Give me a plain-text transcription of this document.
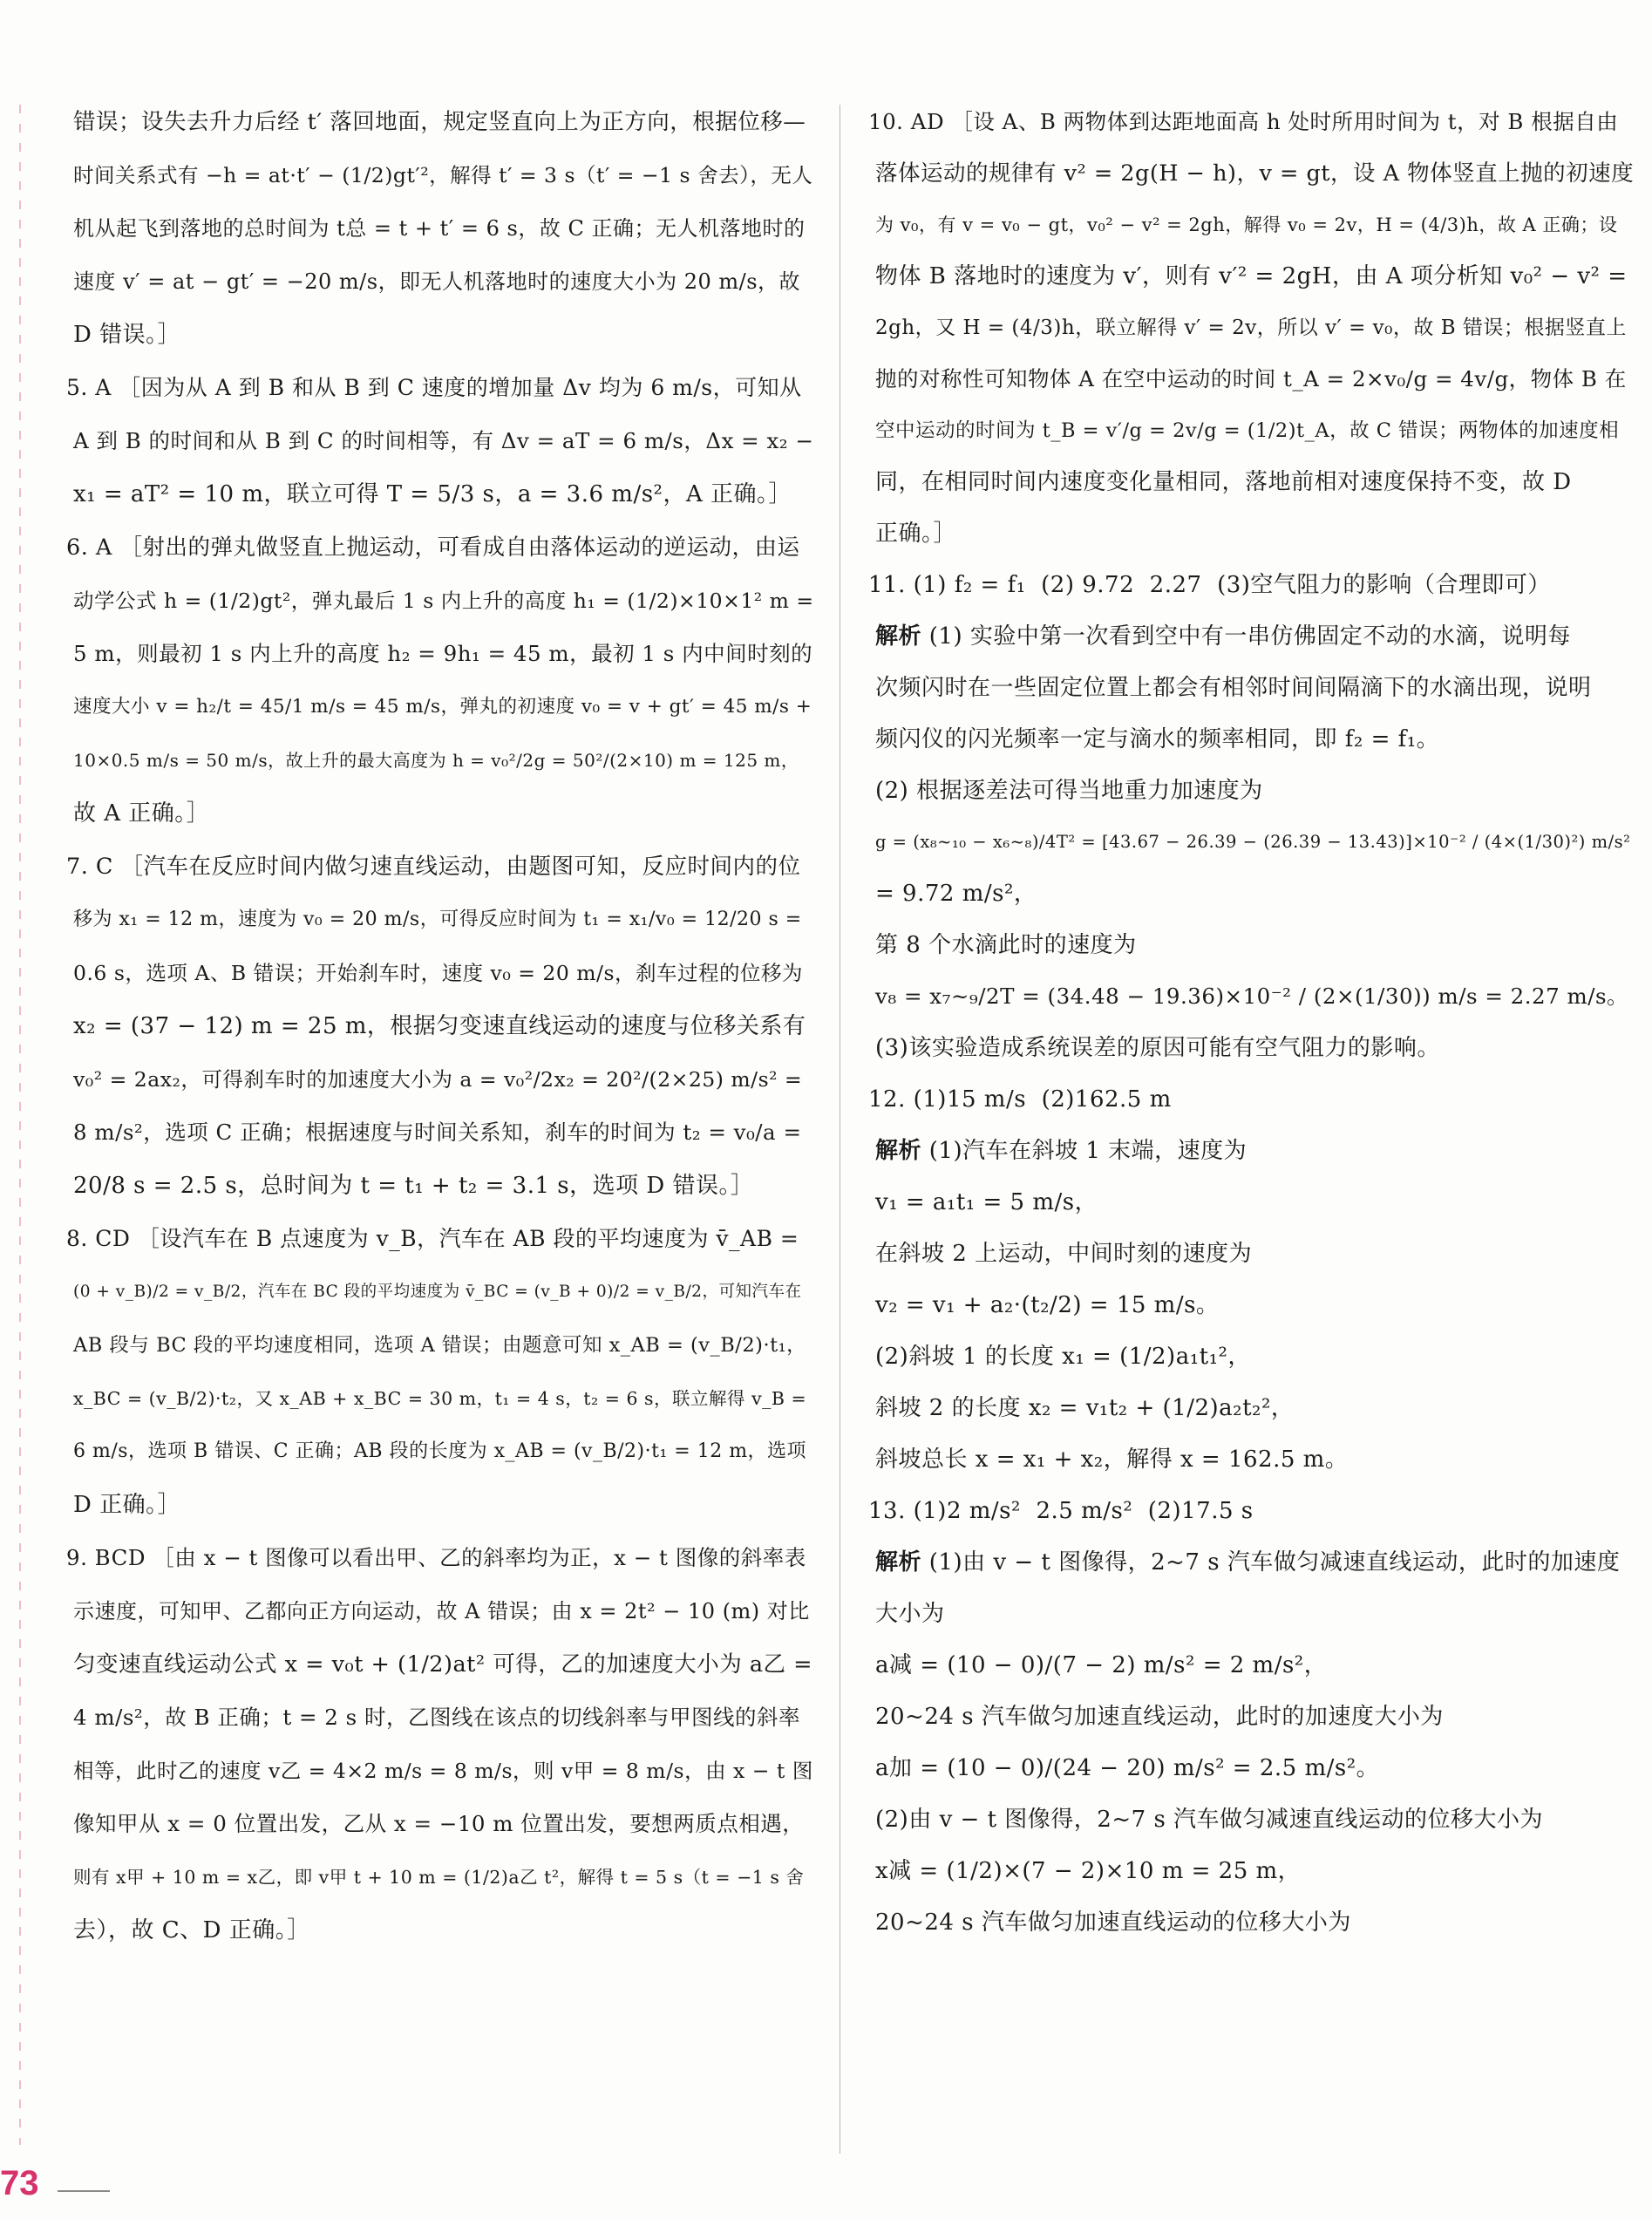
错误；设失去升力后经 t′ 落回地面，规定竖直向上为正方向，根据位移—
时间关系式有 −h = at·t′ − (1/2)gt′²，解得 t′ = 3 s（t′ = −1 s 舍去），无人
机从起飞到落地的总时间为 t总 = t + t′ = 6 s，故 C 正确；无人机落地时的
速度 v′ = at − gt′ = −20 m/s，即无人机落地时的速度大小为 20 m/s，故
D 错误。］
5. A ［因为从 A 到 B 和从 B 到 C 速度的增加量 Δv 均为 6 m/s，可知从
A 到 B 的时间和从 B 到 C 的时间相等，有 Δv = aT = 6 m/s，Δx = x₂ −
x₁ = aT² = 10 m，联立可得 T = 5/3 s，a = 3.6 m/s²，A 正确。］
6. A ［射出的弹丸做竖直上抛运动，可看成自由落体运动的逆运动，由运
动学公式 h = (1/2)gt²，弹丸最后 1 s 内上升的高度 h₁ = (1/2)×10×1² m =
5 m，则最初 1 s 内上升的高度 h₂ = 9h₁ = 45 m，最初 1 s 内中间时刻的
速度大小 v = h₂/t = 45/1 m/s = 45 m/s，弹丸的初速度 v₀ = v + gt′ = 45 m/s +
10×0.5 m/s = 50 m/s，故上升的最大高度为 h = v₀²/2g = 50²/(2×10) m = 125 m，
故 A 正确。］
7. C ［汽车在反应时间内做匀速直线运动，由题图可知，反应时间内的位
移为 x₁ = 12 m，速度为 v₀ = 20 m/s，可得反应时间为 t₁ = x₁/v₀ = 12/20 s =
0.6 s，选项 A、B 错误；开始刹车时，速度 v₀ = 20 m/s，刹车过程的位移为
x₂ = (37 − 12) m = 25 m，根据匀变速直线运动的速度与位移关系有
v₀² = 2ax₂，可得刹车时的加速度大小为 a = v₀²/2x₂ = 20²/(2×25) m/s² =
8 m/s²，选项 C 正确；根据速度与时间关系知，刹车的时间为 t₂ = v₀/a =
20/8 s = 2.5 s，总时间为 t = t₁ + t₂ = 3.1 s，选项 D 错误。］
8. CD ［设汽车在 B 点速度为 v_B，汽车在 AB 段的平均速度为 v̄_AB =
(0 + v_B)/2 = v_B/2，汽车在 BC 段的平均速度为 v̄_BC = (v_B + 0)/2 = v_B/2，可知汽车在
AB 段与 BC 段的平均速度相同，选项 A 错误；由题意可知 x_AB = (v_B/2)·t₁，
x_BC = (v_B/2)·t₂，又 x_AB + x_BC = 30 m，t₁ = 4 s，t₂ = 6 s，联立解得 v_B =
6 m/s，选项 B 错误、C 正确；AB 段的长度为 x_AB = (v_B/2)·t₁ = 12 m，选项
D 正确。］
9. BCD ［由 x − t 图像可以看出甲、乙的斜率均为正，x − t 图像的斜率表
示速度，可知甲、乙都向正方向运动，故 A 错误；由 x = 2t² − 10 (m) 对比
匀变速直线运动公式 x = v₀t + (1/2)at² 可得，乙的加速度大小为 a乙 =
4 m/s²，故 B 正确；t = 2 s 时，乙图线在该点的切线斜率与甲图线的斜率
相等，此时乙的速度 v乙 = 4×2 m/s = 8 m/s，则 v甲 = 8 m/s，由 x − t 图
像知甲从 x = 0 位置出发，乙从 x = −10 m 位置出发，要想两质点相遇，
则有 x甲 + 10 m = x乙，即 v甲 t + 10 m = (1/2)a乙 t²，解得 t = 5 s（t = −1 s 舍
去），故 C、D 正确。］
10. AD ［设 A、B 两物体到达距地面高 h 处时所用时间为 t，对 B 根据自由
落体运动的规律有 v² = 2g(H − h)，v = gt，设 A 物体竖直上抛的初速度
为 v₀，有 v = v₀ − gt，v₀² − v² = 2gh，解得 v₀ = 2v，H = (4/3)h，故 A 正确；设
物体 B 落地时的速度为 v′，则有 v′² = 2gH，由 A 项分析知 v₀² − v² =
2gh，又 H = (4/3)h，联立解得 v′ = 2v，所以 v′ = v₀，故 B 错误；根据竖直上
抛的对称性可知物体 A 在空中运动的时间 t_A = 2×v₀/g = 4v/g，物体 B 在
空中运动的时间为 t_B = v′/g = 2v/g = (1/2)t_A，故 C 错误；两物体的加速度相
同，在相同时间内速度变化量相同，落地前相对速度保持不变，故 D
正确。］
11. (1) f₂ = f₁  (2) 9.72  2.27  (3)空气阻力的影响（合理即可）
解析 (1) 实验中第一次看到空中有一串仿佛固定不动的水滴，说明每
次频闪时在一些固定位置上都会有相邻时间间隔滴下的水滴出现，说明
频闪仪的闪光频率一定与滴水的频率相同，即 f₂ = f₁。
(2) 根据逐差法可得当地重力加速度为
g = (x₈~₁₀ − x₆~₈)/4T² = [43.67 − 26.39 − (26.39 − 13.43)]×10⁻² / (4×(1/30)²) m/s²
= 9.72 m/s²，
第 8 个水滴此时的速度为
v₈ = x₇~₉/2T = (34.48 − 19.36)×10⁻² / (2×(1/30)) m/s = 2.27 m/s。
(3)该实验造成系统误差的原因可能有空气阻力的影响。
12. (1)15 m/s  (2)162.5 m
解析 (1)汽车在斜坡 1 末端，速度为
v₁ = a₁t₁ = 5 m/s，
在斜坡 2 上运动，中间时刻的速度为
v₂ = v₁ + a₂·(t₂/2) = 15 m/s。
(2)斜坡 1 的长度 x₁ = (1/2)a₁t₁²，
斜坡 2 的长度 x₂ = v₁t₂ + (1/2)a₂t₂²，
斜坡总长 x = x₁ + x₂，解得 x = 162.5 m。
13. (1)2 m/s²  2.5 m/s²  (2)17.5 s
解析 (1)由 v − t 图像得，2~7 s 汽车做匀减速直线运动，此时的加速度
大小为
a减 = (10 − 0)/(7 − 2) m/s² = 2 m/s²，
20~24 s 汽车做匀加速直线运动，此时的加速度大小为
a加 = (10 − 0)/(24 − 20) m/s² = 2.5 m/s²。
(2)由 v − t 图像得，2~7 s 汽车做匀减速直线运动的位移大小为
x减 = (1/2)×(7 − 2)×10 m = 25 m，
20~24 s 汽车做匀加速直线运动的位移大小为
73
